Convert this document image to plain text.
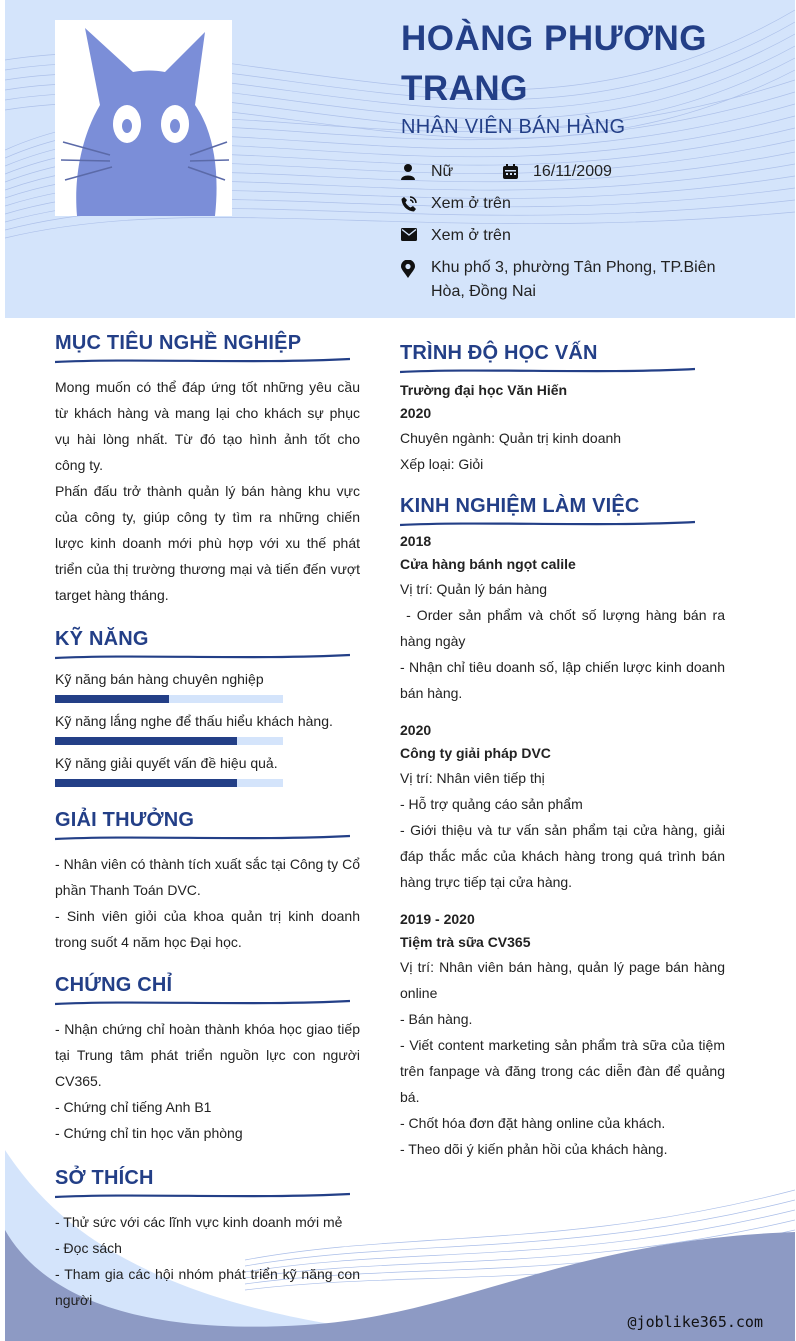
HOÀNG PHƯƠNG TRANG
NHÂN VIÊN BÁN HÀNG
Nữ	16/11/2009
Xem ở trên
Xem ở trên
Khu phố 3, phường Tân Phong, TP.Biên Hòa, Đồng Nai
MỤC TIÊU NGHỀ NGHIỆP

Mong muốn có thể đáp ứng tốt những yêu cầu từ khách hàng và mang lại cho khách sự phục vụ hài lòng nhất. Từ đó tạo hình ảnh tốt cho công ty.

Phấn đấu trở thành quản lý bán hàng khu vực của công ty, giúp công ty tìm ra những chiến lược kinh doanh mới phù hợp với xu thế phát triển của thị trường thương mại và tiến đến vượt target hàng tháng.

KỸ NĂNG
Kỹ năng bán hàng chuyên nghiệp
Kỹ năng lắng nghe để thấu hiểu khách hàng.
Kỹ năng giải quyết vấn đề hiệu quả.
GIẢI THƯỞNG

- Nhân viên có thành tích xuất sắc tại Công ty Cổ phần Thanh Toán DVC.

- Sinh viên giỏi của khoa quản trị kinh doanh trong suốt 4 năm học Đại học.

CHỨNG CHỈ

- Nhận chứng chỉ hoàn thành khóa học giao tiếp tại Trung tâm phát triển nguồn lực con người CV365.

- Chứng chỉ tiếng Anh B1

- Chứng chỉ tin học văn phòng

SỞ THÍCH

- Thử sức với các lĩnh vực kinh doanh mới mẻ

- Đọc sách

- Tham gia các hội nhóm phát triển kỹ năng con người

TRÌNH ĐỘ HỌC VẤN

Trường đại học Văn Hiến

2020

Chuyên ngành: Quản trị kinh doanh

Xếp loại: Giỏi

KINH NGHIỆM LÀM VIỆC

2018

Cửa hàng bánh ngọt calile

Vị trí: Quản lý bán hàng

- Order sản phẩm và chốt số lượng hàng bán ra hàng ngày

- Nhận chỉ tiêu doanh số, lập chiến lược kinh doanh bán hàng.

2020

Công ty giải pháp DVC

Vị trí: Nhân viên tiếp thị

- Hỗ trợ quảng cáo sản phẩm

- Giới thiệu và tư vấn sản phẩm tại cửa hàng, giải đáp thắc mắc của khách hàng trong quá trình bán hàng trực tiếp tại cửa hàng.

2019 - 2020

Tiệm trà sữa CV365

Vị trí: Nhân viên bán hàng, quản lý page bán hàng online

- Bán hàng.

- Viết content marketing sản phẩm trà sữa của tiệm trên fanpage và đăng trong các diễn đàn để quảng bá.

- Chốt hóa đơn đặt hàng online của khách.

- Theo dõi ý kiến phản hồi của khách hàng.

@joblike365.com
